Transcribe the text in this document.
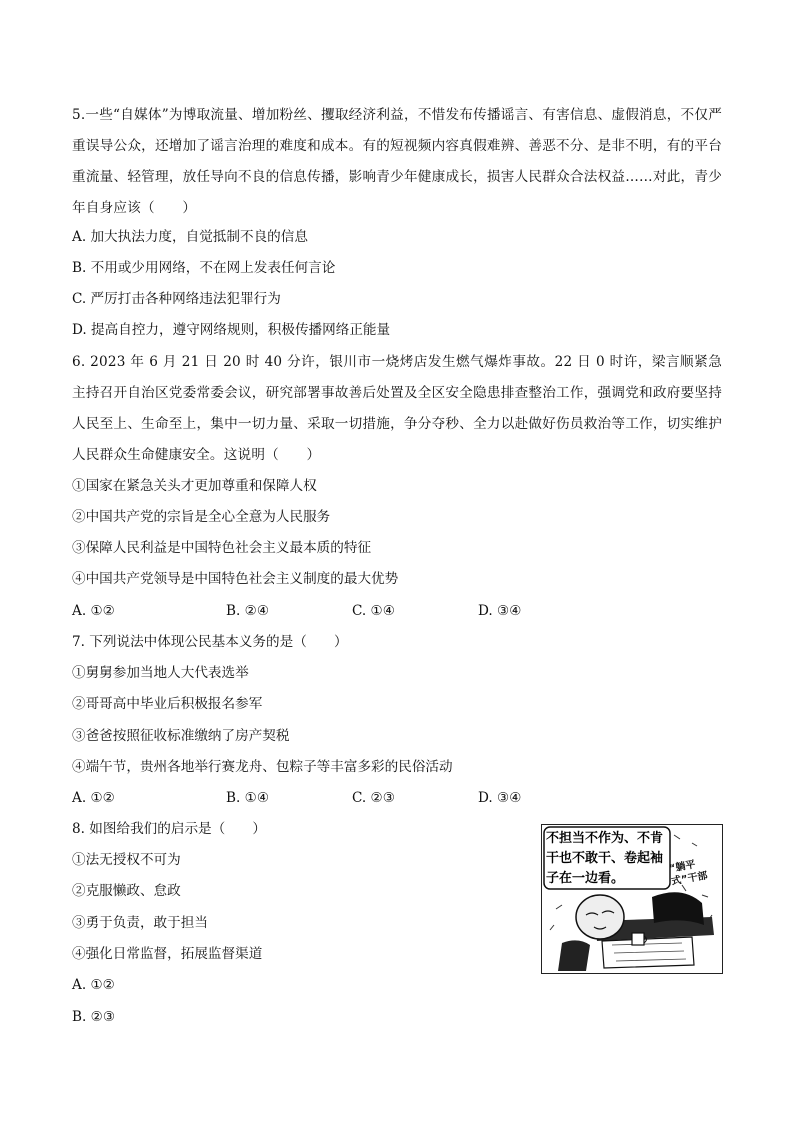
5.一些“自媒体”为博取流量、增加粉丝、攫取经济利益，不惜发布传播谣言、有害信息、虚假消息，不仅严重误导公众，还增加了谣言治理的难度和成本。有的短视频内容真假难辨、善恶不分、是非不明，有的平台重流量、轻管理，放任导向不良的信息传播，影响青少年健康成长，损害人民群众合法权益……对此，青少年自身应该（　　）

A. 加大执法力度，自觉抵制不良的信息

B. 不用或少用网络，不在网上发表任何言论

C. 严厉打击各种网络违法犯罪行为

D. 提高自控力，遵守网络规则，积极传播网络正能量

6. 2023 年 6 月 21 日 20 时 40 分许，银川市一烧烤店发生燃气爆炸事故。22 日 0 时许，梁言顺紧急主持召开自治区党委常委会议，研究部署事故善后处置及全区安全隐患排查整治工作，强调党和政府要坚持人民至上、生命至上，集中一切力量、采取一切措施，争分夺秒、全力以赴做好伤员救治等工作，切实维护人民群众生命健康安全。这说明（　　）

①国家在紧急关头才更加尊重和保障人权

②中国共产党的宗旨是全心全意为人民服务

③保障人民利益是中国特色社会主义最本质的特征

④中国共产党领导是中国特色社会主义制度的最大优势

A. ①②	B. ②④	C. ①④	D. ③④

7. 下列说法中体现公民基本义务的是（　　）

①舅舅参加当地人大代表选举

②哥哥高中毕业后积极报名参军

③爸爸按照征收标准缴纳了房产契税

④端午节，贵州各地举行赛龙舟、包粽子等丰富多彩的民俗活动

A. ①②	B. ①④	C. ②③	D. ③④

8. 如图给我们的启示是（　　）

①法无授权不可为

②克服懒政、怠政

③勇于负责，敢于担当

④强化日常监督，拓展监督渠道

A. ①②

B. ②③

不担当不作为、不肯干也不敢干、卷起袖子在一边看。
“躺平式”干部
